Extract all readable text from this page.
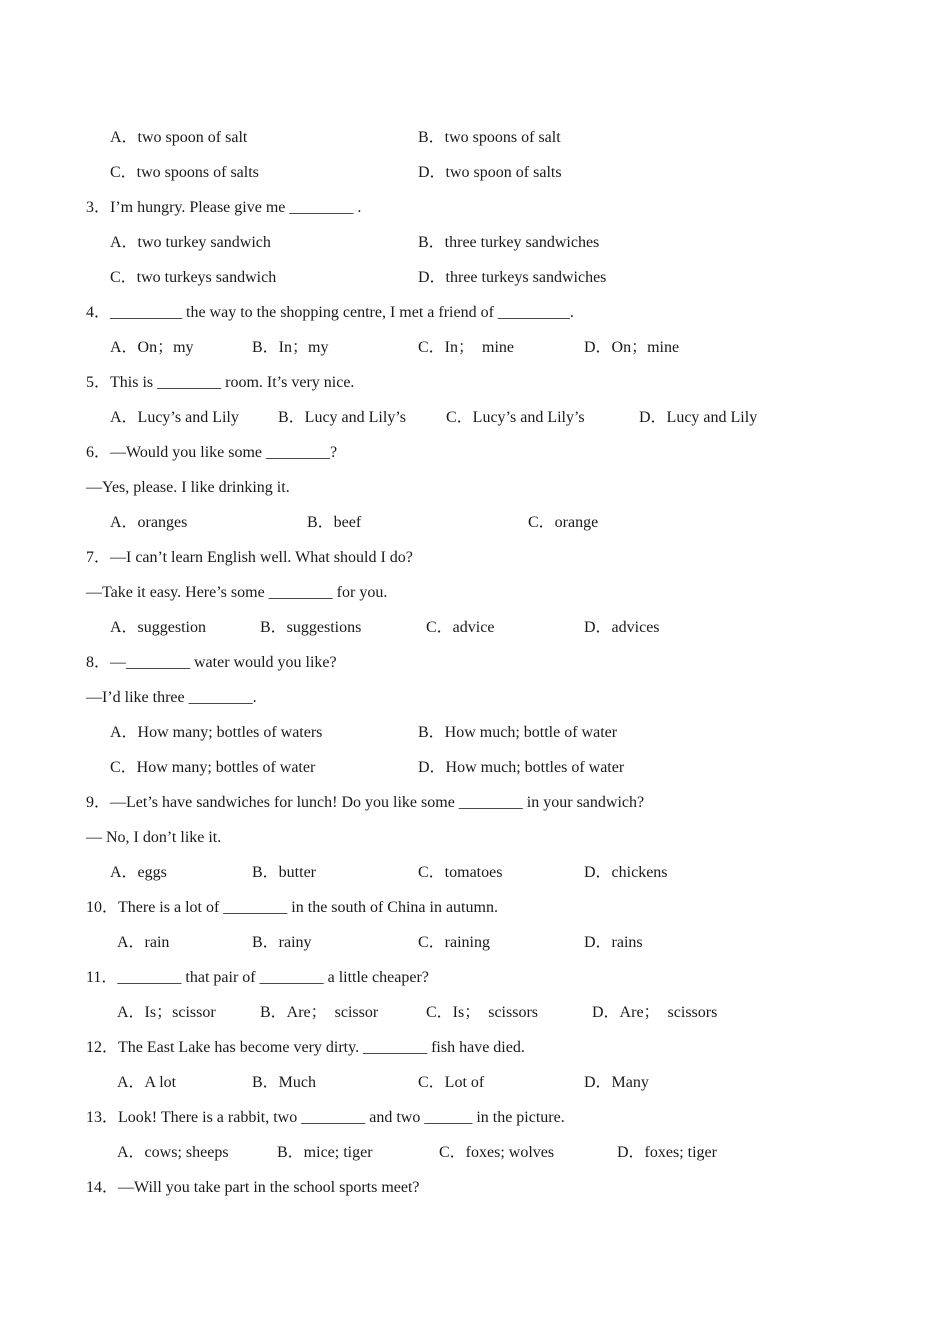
A．two spoon of salt	B．two spoons of salt
C．two spoons of salts	D．two spoon of salts
3．I’m hungry. Please give me ________ .
A．two turkey sandwich	B．three turkey sandwiches
C．two turkeys sandwich	D．three turkeys sandwiches
4．_________ the way to the shopping centre, I met a friend of _________.
A．On；my	B．In；my	C．In；  mine	D．On；mine
5．This is ________ room. It’s very nice.
A．Lucy’s and Lily B．Lucy and Lily’s	C．Lucy’s and Lily’s	D．Lucy and Lily
6．—Would you like some ________?
—Yes, please. I like drinking it.
A．oranges	B．beef	C．orange
7．—I can’t learn English well. What should I do?
—Take it easy. Here’s some ________ for you.
A．suggestion	B．suggestions	C．advice	D．advices
8．—________ water would you like?
—I’d like three ________.
A．How many; bottles of waters	B．How much; bottle of water
C．How many; bottles of water	D．How much; bottles of water
9．—Let’s have sandwiches for lunch! Do you like some ________ in your sandwich?
— No, I don’t like it.
A．eggs	B．butter	C．tomatoes	D．chickens
10．There is a lot of ________ in the south of China in autumn.
A．rain	B．rainy	C．raining	D．rains
11．________ that pair of ________ a little cheaper?
A．Is；scissor	B．Are；  scissor	C．Is；  scissors	D．Are；  scissors
12．The East Lake has become very dirty. ________ fish have died.
A．A lot	B．Much	C．Lot of	D．Many
13．Look! There is a rabbit, two ________ and two ______ in the picture.
A．cows; sheeps	B．mice; tiger	C．foxes; wolves	D．foxes; tiger
14．—Will you take part in the school sports meet?
